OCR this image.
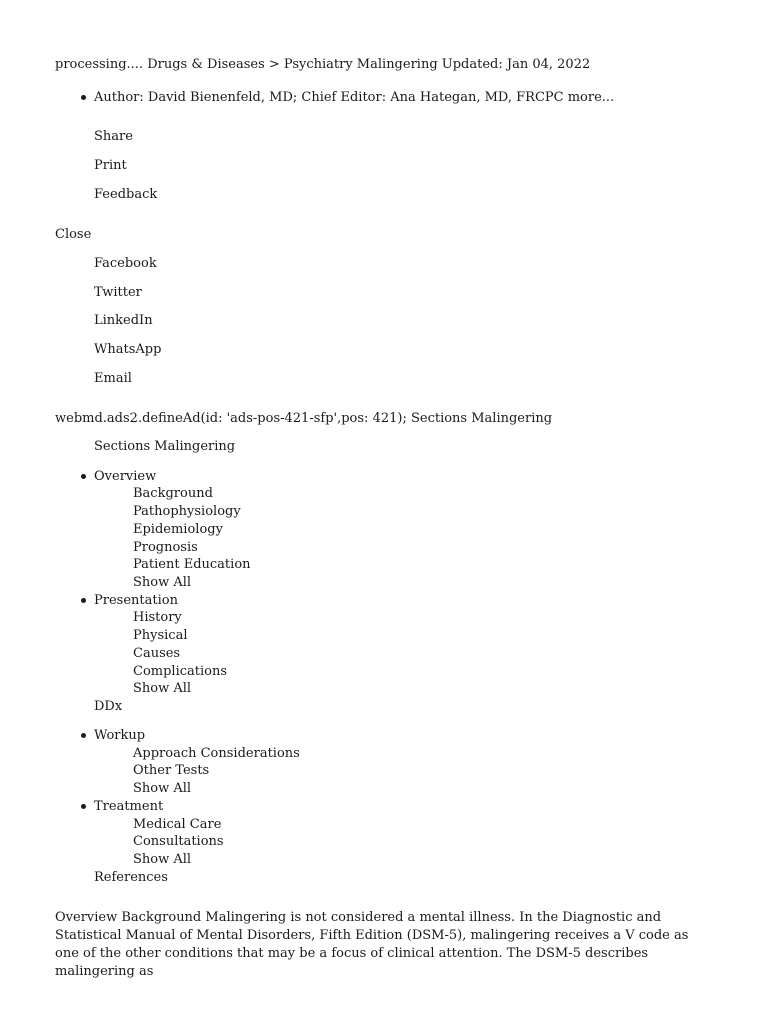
processing.... Drugs & Diseases > Psychiatry Malingering Updated: Jan 04, 2022
Author: David Bienenfeld, MD; Chief Editor: Ana Hategan, MD, FRCPC more...
Share
Print
Feedback
Close
Facebook
Twitter
LinkedIn
WhatsApp
Email
webmd.ads2.defineAd(id: 'ads-pos-421-sfp',pos: 421); Sections Malingering
Sections Malingering
Overview
Background
Pathophysiology
Epidemiology
Prognosis
Patient Education
Show All
Presentation
History
Physical
Causes
Complications
Show All
DDx
Workup
Approach Considerations
Other Tests
Show All
Treatment
Medical Care
Consultations
Show All
References
Overview Background Malingering is not considered a mental illness. In the Diagnostic and Statistical Manual of Mental Disorders, Fifth Edition (DSM-5), malingering receives a V code as one of the other conditions that may be a focus of clinical attention. The DSM-5 describes malingering as
